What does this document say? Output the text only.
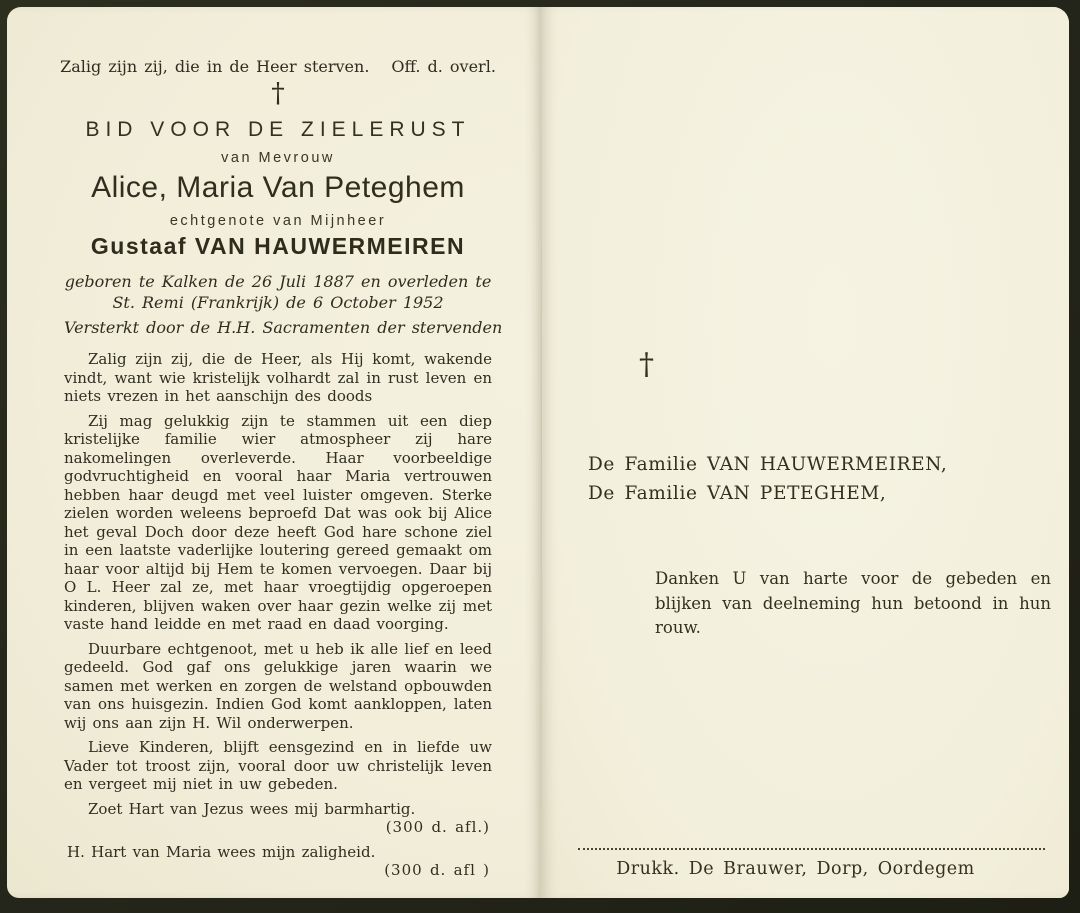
Zalig zijn zij, die in de Heer sterven. Off. d. overl.
†
BID VOOR DE ZIELERUST
van Mevrouw
Alice, Maria Van Peteghem
echtgenote van Mijnheer
Gustaaf VAN HAUWERMEIREN
geboren te Kalken de 26 Juli 1887 en overleden te
St. Remi (Frankrijk) de 6 October 1952
Versterkt door de H.H. Sacramenten der stervenden

Zalig zijn zij, die de Heer, als Hij komt, wakende vindt, want wie kristelijk volhardt zal in rust leven en niets vrezen in het aanschijn des doods

Zij mag gelukkig zijn te stammen uit een diep kristelijke familie wier atmospheer zij hare nakomelingen overleverde. Haar voorbeeldige godvruchtigheid en vooral haar Maria vertrouwen hebben haar deugd met veel luister omgeven. Sterke zielen worden weleens beproefd Dat was ook bij Alice het geval Doch door deze heeft God hare schone ziel in een laatste vaderlijke loutering gereed gemaakt om haar voor altijd bij Hem te komen vervoegen. Daar bij O L. Heer zal ze, met haar vroegtijdig opgeroepen kinderen, blijven waken over haar gezin welke zij met vaste hand leidde en met raad en daad voorging.

Duurbare echtgenoot, met u heb ik alle lief en leed gedeeld. God gaf ons gelukkige jaren waarin we samen met werken en zorgen de welstand opbouwden van ons huisgezin. Indien God komt aankloppen, laten wij ons aan zijn H. Wil onderwerpen.

Lieve Kinderen, blijft eensgezind en in liefde uw Vader tot troost zijn, vooral door uw christelijk leven en vergeet mij niet in uw gebeden.

Zoet Hart van Jezus wees mij barmhartig.
(300 d. afl.)
H. Hart van Maria wees mijn zaligheid.
(300 d. afl )
†
De Familie VAN HAUWERMEIREN,
De Familie VAN PETEGHEM,
Danken U van harte voor de gebeden en blijken van deelneming hun betoond in hun rouw.
Drukk. De Brauwer, Dorp, Oordegem
